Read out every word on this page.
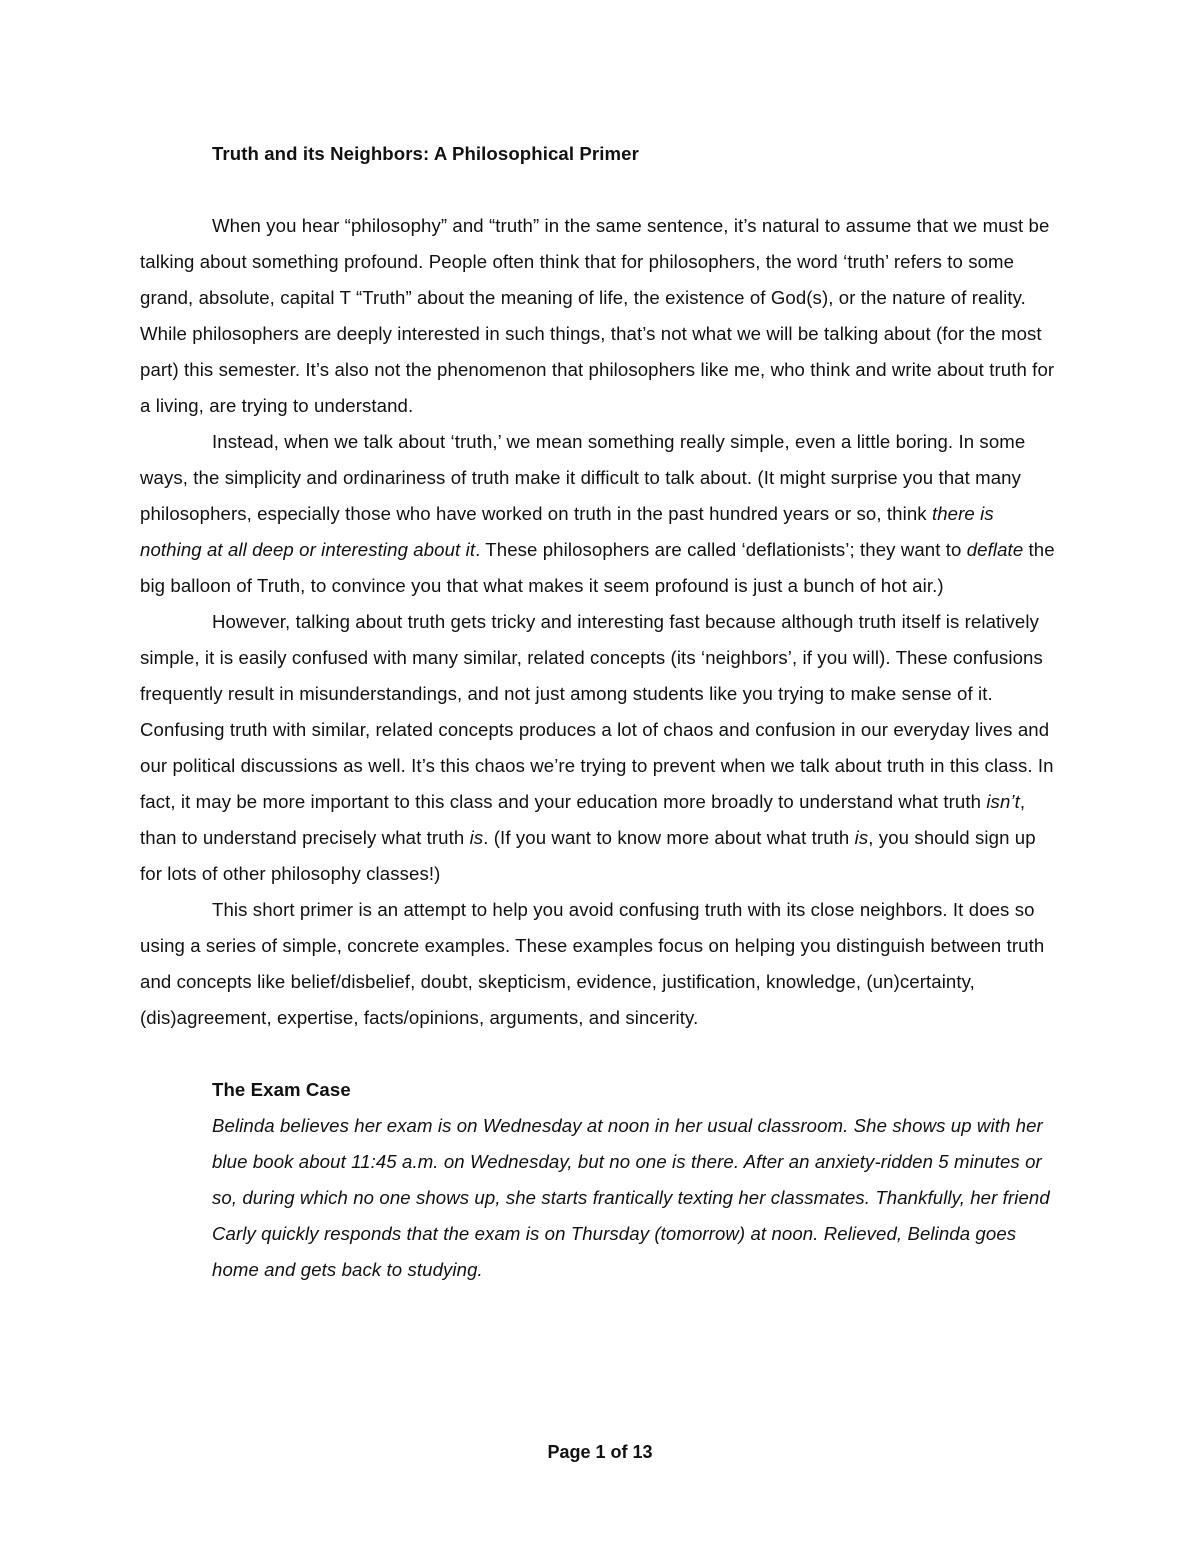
Truth and its Neighbors: A Philosophical Primer

When you hear “philosophy” and “truth” in the same sentence, it’s natural to assume that we must be talking about something profound. People often think that for philosophers, the word ‘truth’ refers to some grand, absolute, capital T “Truth” about the meaning of life, the existence of God(s), or the nature of reality. While philosophers are deeply interested in such things, that’s not what we will be talking about (for the most part) this semester. It’s also not the phenomenon that philosophers like me, who think and write about truth for a living, are trying to understand.

Instead, when we talk about ‘truth,’ we mean something really simple, even a little boring. In some ways, the simplicity and ordinariness of truth make it difficult to talk about. (It might surprise you that many philosophers, especially those who have worked on truth in the past hundred years or so, think there is nothing at all deep or interesting about it. These philosophers are called ‘deflationists’; they want to deflate the big balloon of Truth, to convince you that what makes it seem profound is just a bunch of hot air.)

However, talking about truth gets tricky and interesting fast because although truth itself is relatively simple, it is easily confused with many similar, related concepts (its ‘neighbors’, if you will). These confusions frequently result in misunderstandings, and not just among students like you trying to make sense of it. Confusing truth with similar, related concepts produces a lot of chaos and confusion in our everyday lives and our political discussions as well. It’s this chaos we’re trying to prevent when we talk about truth in this class. In fact, it may be more important to this class and your education more broadly to understand what truth isn’t, than to understand precisely what truth is. (If you want to know more about what truth is, you should sign up for lots of other philosophy classes!)

This short primer is an attempt to help you avoid confusing truth with its close neighbors. It does so using a series of simple, concrete examples. These examples focus on helping you distinguish between truth and concepts like belief/disbelief, doubt, skepticism, evidence, justification, knowledge, (un)certainty, (dis)agreement, expertise, facts/opinions, arguments, and sincerity.

The Exam Case

Belinda believes her exam is on Wednesday at noon in her usual classroom. She shows up with her blue book about 11:45 a.m. on Wednesday, but no one is there. After an anxiety-ridden 5 minutes or so, during which no one shows up, she starts frantically texting her classmates. Thankfully, her friend Carly quickly responds that the exam is on Thursday (tomorrow) at noon. Relieved, Belinda goes home and gets back to studying.

Page 1 of 13
